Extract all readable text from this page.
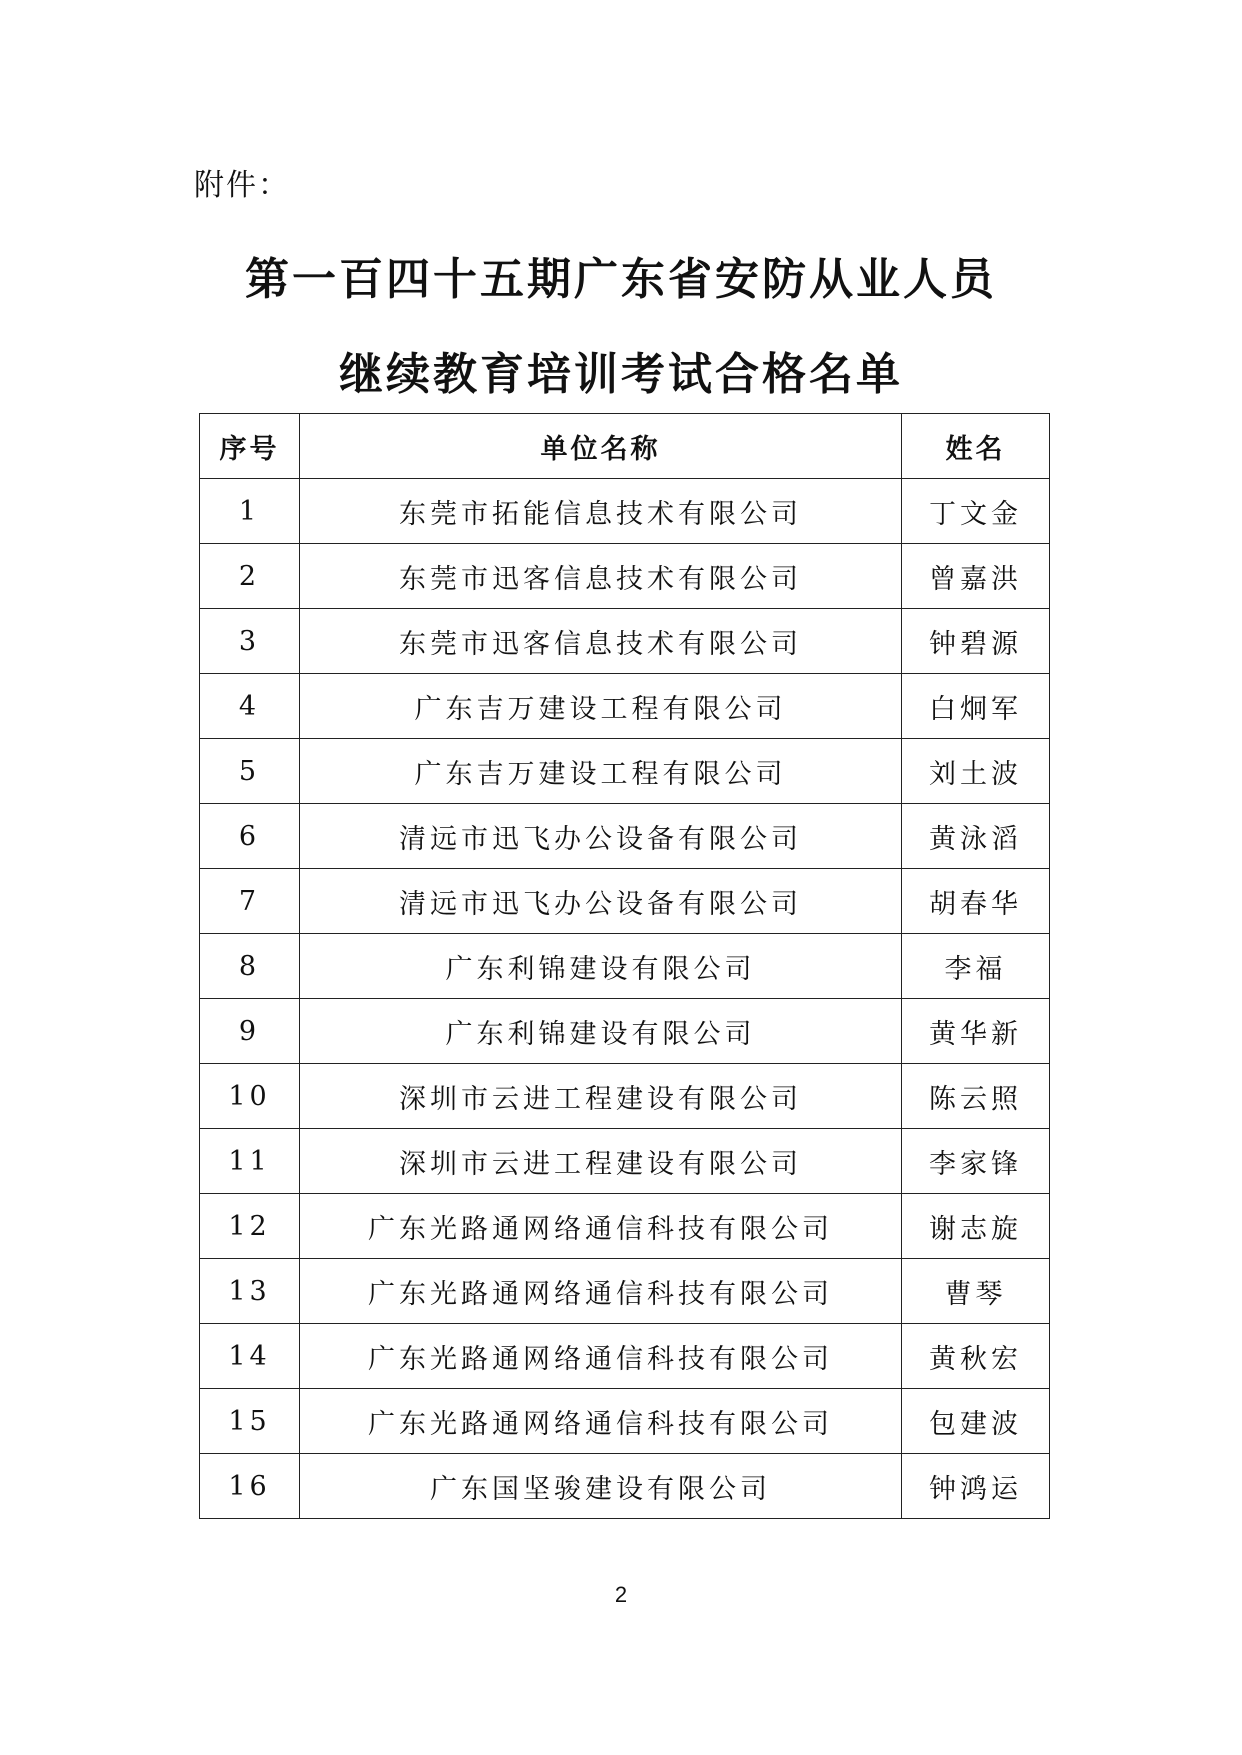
附件：
第一百四十五期广东省安防从业人员
继续教育培训考试合格名单
序号	单位名称	姓名
1	东莞市拓能信息技术有限公司	丁文金
2	东莞市迅客信息技术有限公司	曾嘉洪
3	东莞市迅客信息技术有限公司	钟碧源
4	广东吉万建设工程有限公司	白炯军
5	广东吉万建设工程有限公司	刘土波
6	清远市迅飞办公设备有限公司	黄泳滔
7	清远市迅飞办公设备有限公司	胡春华
8	广东利锦建设有限公司	李福
9	广东利锦建设有限公司	黄华新
10	深圳市云进工程建设有限公司	陈云照
11	深圳市云进工程建设有限公司	李家锋
12	广东光路通网络通信科技有限公司	谢志旋
13	广东光路通网络通信科技有限公司	曹琴
14	广东光路通网络通信科技有限公司	黄秋宏
15	广东光路通网络通信科技有限公司	包建波
16	广东国坚骏建设有限公司	钟鸿运
2
